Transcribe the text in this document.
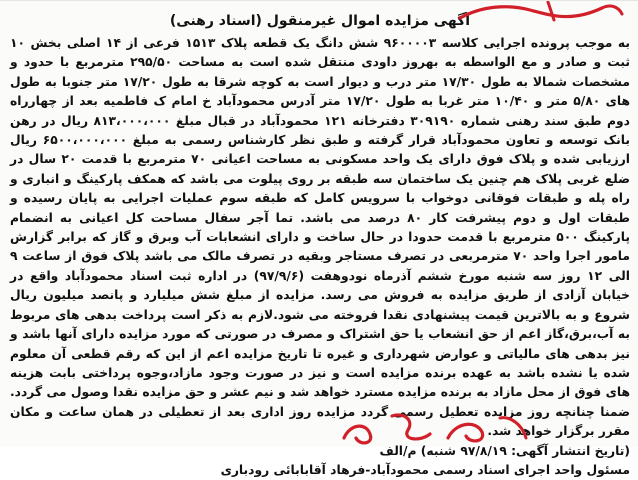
آگهی مزایده اموال غیرمنقول (اسناد رهنی)

به موجب پرونده اجرایی کلاسه ۹۶۰۰۰۰۳ شش دانگ یک قطعه پلاک ۱۵۱۳ فرعی از ۱۴ اصلی بخش ۱۰ ثبت و صادر و مع الواسطه به بهروز داودی منتقل شده است به مساحت ۲۹۵/۵۰ مترمربع با حدود و مشخصات شمالا به طول ۱۷/۳۰ متر درب و دیوار است به کوچه شرقا به طول ۱۷/۲۰ متر جنوبا به طول های ۵/۸۰ متر و ۱۰/۴۰ متر غربا به طول ۱۷/۲۰ متر آدرس محمودآباد خ امام ک فاطمیه بعد از چهارراه دوم طبق سند رهنی شماره ۳۰۹۱۹۰ دفترخانه ۱۲۱ محمودآباد در قبال مبلغ ۸۱۳،۰۰۰،۰۰۰ ریال در رهن بانک توسعه و تعاون محمودآباد قرار گرفته و طبق نظر کارشناس رسمی به مبلغ ۶۵۰۰،۰۰۰،۰۰۰ ریال ارزیابی شده و پلاک فوق دارای یک واحد مسکونی به مساحت اعیانی ۷۰ مترمربع با قدمت ۲۰ سال در ضلع غربی پلاک هم چنین یک ساختمان سه طبقه بر روی پیلوت می باشد که همکف پارکینگ و انباری و راه پله و طبقات فوقانی دوخواب با سرویس کامل که طبقه سوم عملیات اجرایی به پایان رسیده و طبقات اول و دوم پیشرفت کار ۸۰ درصد می باشد. تما آجر سفال مساحت کل اعیانی به انضمام پارکینگ ۵۰۰ مترمربع با قدمت حدودا در حال ساخت و دارای انشعابات آب وبرق و گاز که برابر گزارش مامور اجرا واحد ۷۰ مترمربعی در تصرف مستاجر وبقیه در تصرف مالک می باشد پلاک فوق از ساعت ۹ الی ۱۲ روز سه شنبه مورخ ششم آذرماه نودوهفت (۹۷/۹/۶) در اداره ثبت اسناد محمودآباد واقع در خیابان آزادی از طریق مزایده به فروش می رسد. مزایده از مبلغ شش میلیارد و پانصد میلیون ریال شروع و به بالاترین قیمت پیشنهادی نقدا فروخته می شود.لازم به ذکر است پرداخت بدهی های مربوط به آب،برق،گاز اعم از حق انشعاب یا حق اشتراک و مصرف در صورتی که مورد مزایده دارای آنها باشد و نیز بدهی های مالیاتی و عوارض شهرداری و غیره تا تاریخ مزایده اعم از این که رقم قطعی آن معلوم شده یا نشده باشد به عهده برنده مزایده است و نیز در صورت وجود مازاد،وجوه پرداختی بابت هزینه های فوق از محل مازاد به برنده مزایده مسترد خواهد شد و نیم عشر و حق مزایده نقدا وصول می گردد. ضمنا چنانچه روز مزایده تعطیل رسمی گردد مزایده روز اداری بعد از تعطیلی در همان ساعت و مکان مقرر برگزار خواهد شد.

(تاریخ انتشار آگهی: ۹۷/۸/۱۹ شنبه) م/الف

مسئول واحد اجرای اسناد رسمی محمودآباد-فرهاد آقابابائی رودباری
